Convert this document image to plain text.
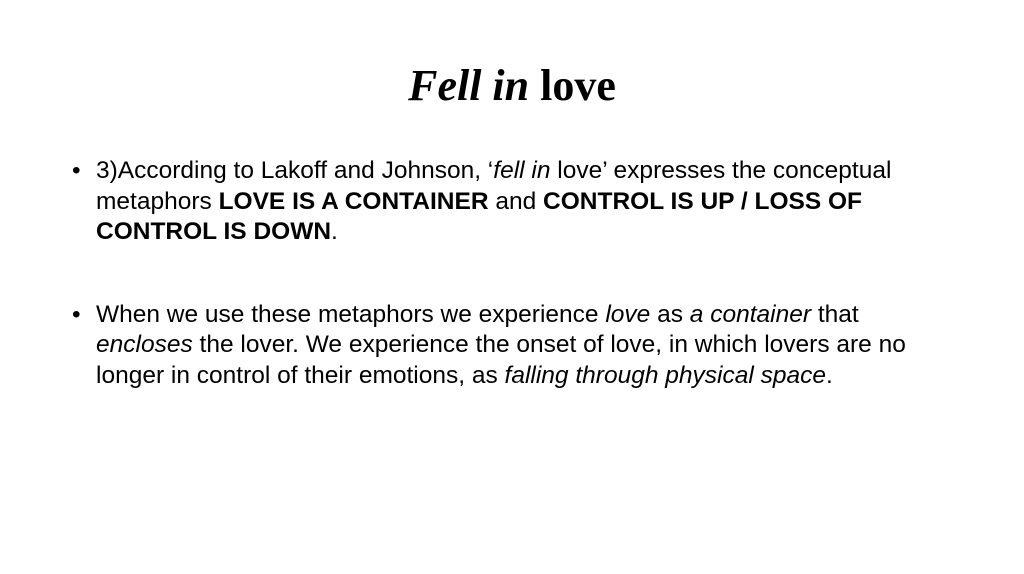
Fell in love
• 3)According to Lakoff and Johnson, ‘fell in love’ expresses the conceptual metaphors LOVE IS A CONTAINER and CONTROL IS UP / LOSS OF CONTROL IS DOWN.
• When we use these metaphors we experience love as a container that encloses the lover. We experience the onset of love, in which lovers are no longer in control of their emotions, as falling through physical space.
